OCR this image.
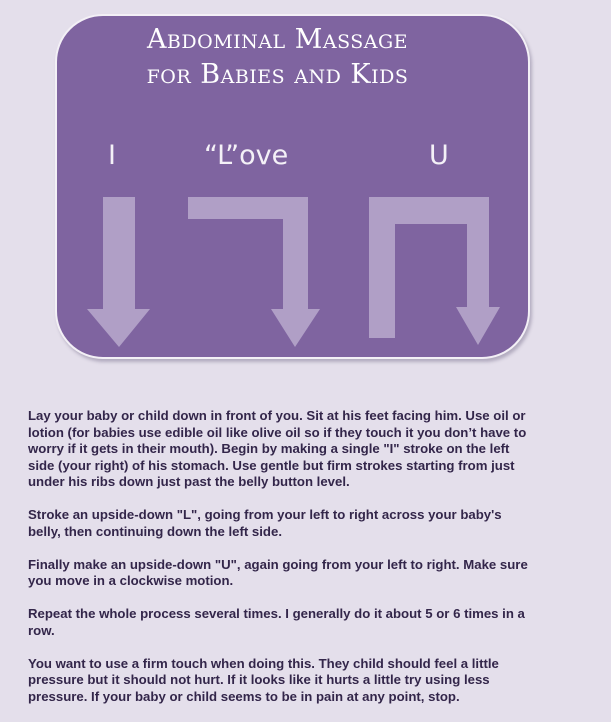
Abdominal Massage
for Babies and Kids
I	“L”ove	U
Lay your baby or child down in front of you. Sit at his feet facing him. Use oil or
lotion (for babies use edible oil like olive oil so if they touch it you don’t have to
worry if it gets in their mouth). Begin by making a single "I" stroke on the left
side (your right) of his stomach. Use gentle but firm strokes starting from just
under his ribs down just past the belly button level.
Stroke an upside-down "L", going from your left to right across your baby's
belly, then continuing down the left side.
Finally make an upside-down "U", again going from your left to right. Make sure
you move in a clockwise motion.
Repeat the whole process several times. I generally do it about 5 or 6 times in a
row.
You want to use a firm touch when doing this. They child should feel a little
pressure but it should not hurt. If it looks like it hurts a little try using less
pressure. If your baby or child seems to be in pain at any point, stop.
